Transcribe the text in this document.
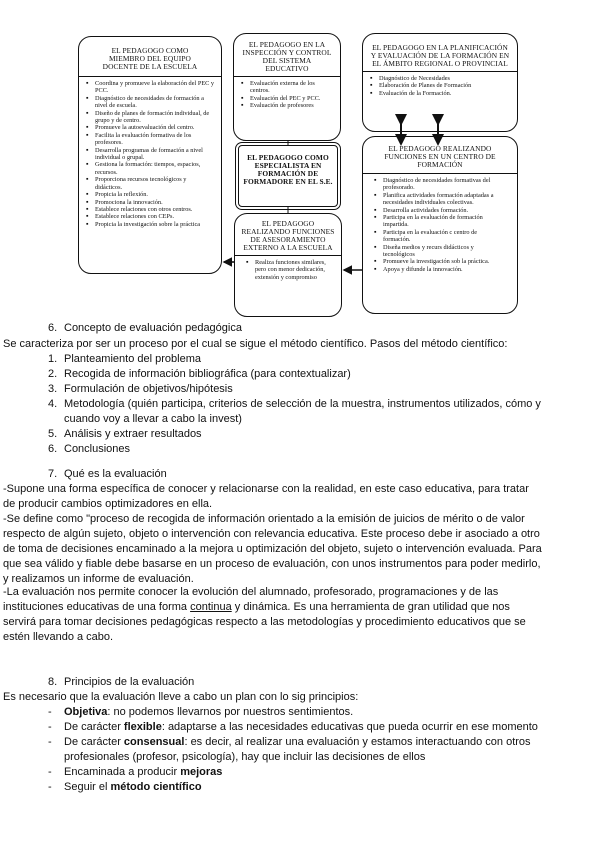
EL PEDAGOGO COMO MIEMBRO DEL EQUIPO DOCENTE DE LA ESCUELA
▪ Coordina y promueve la elaboración del PEC y PCC.
▪ Diagnóstico de necesidades de formación a nivel de escuela.
▪ Diseño de planes de formación individual, de grupo y de centro.
▪ Promueve la autoevaluación del centro.
▪ Facilita la evaluación formativa de los profesores.
▪ Desarrolla programas de formación a nivel individual o grupal.
▪ Gestiona la formación: tiempos, espacios, recursos.
▪ Proporciona recursos tecnológicos y didácticos.
▪ Propicia la reflexión.
▪ Promociona la innovación.
▪ Establece relaciones con otros centros.
▪ Establece relaciones con CEPs.
▪ Propicia la investigación sobre la práctica
EL PEDAGOGO EN LA INSPECCIÓN Y CONTROL DEL SISTEMA EDUCATIVO
▪ Evaluación externa de los centros.
▪ Evaluación del PEC y PCC.
▪ Evaluación de profesores
EL PEDAGOGO EN LA PLANIFICACIÓN Y EVALUACIÓN DE LA FORMACIÓN EN EL ÁMBITO REGIONAL O PROVINCIAL
▪ Diagnóstico de Necesidades
▪ Elaboración de Planes de Formación
▪ Evaluación de la Formación.
EL PEDAGOGO COMO ESPECIALISTA EN FORMACIÓN DE FORMADORE EN EL S.E.
EL PEDAGOGO REALIZANDO FUNCIONES EN UN CENTRO DE FORMACIÓN
▪ Diagnóstico de necesidades formativas del profesorado.
▪ Planifica actividades formación adaptadas a necesidades individuales colectivas.
▪ Desarrolla actividades formación.
▪ Participa en la evaluación de formación impartida.
▪ Participa en la evaluación c centro de formación.
▪ Diseña medios y recurs didácticos y tecnológicos
▪ Promueve la investigación sob la práctica.
▪ Apoya y difunde la innovación.
EL PEDAGOGO REALIZANDO FUNCIONES DE ASESORAMIENTO EXTERNO A LA ESCUELA
▪ Realiza funciones similares, pero con menor dedicación, extensión y compromiso
6. Concepto de evaluación pedagógica
Se caracteriza por ser un proceso por el cual se sigue el método científico. Pasos del método científico:
1. Planteamiento del problema
2. Recogida de información bibliográfica (para contextualizar)
3. Formulación de objetivos/hipótesis
4. Metodología (quién participa, criterios de selección de la muestra, instrumentos utilizados, cómo y
cuando voy a llevar a cabo la invest)
5. Análisis y extraer resultados
6. Conclusiones
7. Qué es la evaluación
-Supone una forma específica de conocer y relacionarse con la realidad, en este caso educativa, para tratar
de producir cambios optimizadores en ella.
-Se define como "proceso de recogida de información orientado a la emisión de juicios de mérito o de valor
respecto de algún sujeto, objeto o intervención con relevancia educativa. Este proceso debe ir asociado a otro
de toma de decisiones encaminado a la mejora u optimización del objeto, sujeto o intervención evaluada. Para
que sea válido y fiable debe basarse en un proceso de evaluación, con unos instrumentos para poder medirlo,
y realizamos un informe de evaluación.
-La evaluación nos permite conocer la evolución del alumnado, profesorado, programaciones y de las
instituciones educativas de una forma continua y dinámica. Es una herramienta de gran utilidad que nos
servirá para tomar decisiones pedagógicas respecto a las metodologías y procedimiento educativos que se
estén llevando a cabo.
8. Principios de la evaluación
Es necesario que la evaluación lleve a cabo un plan con lo sig principios:
- Objetiva: no podemos llevarnos por nuestros sentimientos.
- De carácter flexible: adaptarse a las necesidades educativas que pueda ocurrir en ese momento
- De carácter consensual: es decir, al realizar una evaluación y estamos interactuando con otros
profesionales (profesor, psicología), hay que incluir las decisiones de ellos
- Encaminada a producir mejoras
- Seguir el método científico
